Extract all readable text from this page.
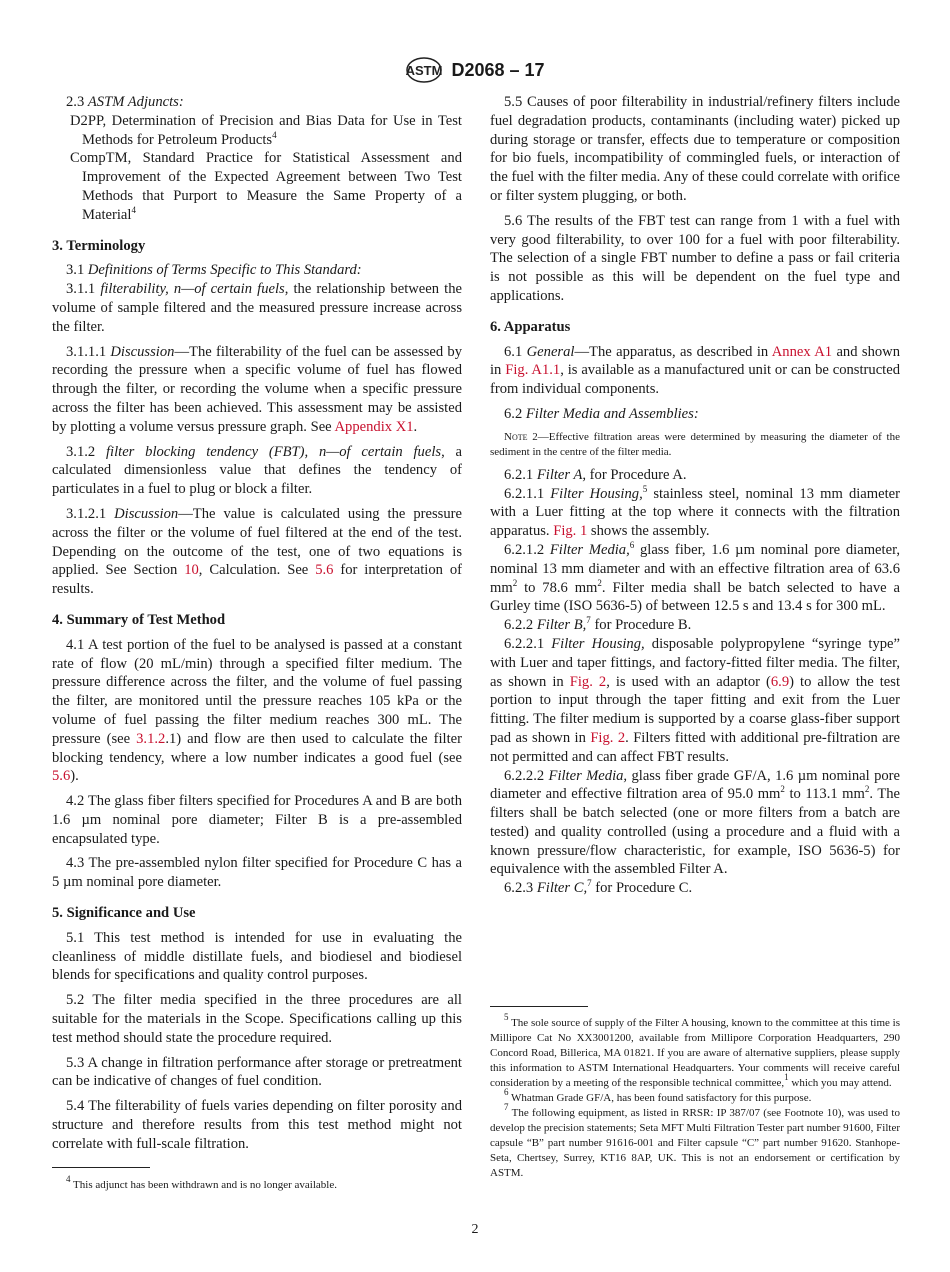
ASTM D2068 – 17

2.3 ASTM Adjuncts:

D2PP, Determination of Precision and Bias Data for Use in Test Methods for Petroleum Products$^4$

CompTM, Standard Practice for Statistical Assessment and Improvement of the Expected Agreement between Two Test Methods that Purport to Measure the Same Property of a Material$^4$

3. Terminology

3.1 Definitions of Terms Specific to This Standard:

3.1.1 filterability, n—of certain fuels, the relationship between the volume of sample filtered and the measured pressure increase across the filter.

3.1.1.1 Discussion—The filterability of the fuel can be assessed by recording the pressure when a specific volume of fuel has flowed through the filter, or recording the volume when a specific pressure across the filter has been achieved. This assessment may be assisted by plotting a volume versus pressure graph. See Appendix X1.

3.1.2 filter blocking tendency (FBT), n—of certain fuels, a calculated dimensionless value that defines the tendency of particulates in a fuel to plug or block a filter.

3.1.2.1 Discussion—The value is calculated using the pressure across the filter or the volume of fuel filtered at the end of the test. Depending on the outcome of the test, one of two equations is applied. See Section 10, Calculation. See 5.6 for interpretation of results.

4. Summary of Test Method

4.1 A test portion of the fuel to be analysed is passed at a constant rate of flow (20 mL/min) through a specified filter medium. The pressure difference across the filter, and the volume of fuel passing the filter, are monitored until the pressure reaches 105 kPa or the volume of fuel passing the filter medium reaches 300 mL. The pressure (see 3.1.2.1) and flow are then used to calculate the filter blocking tendency, where a low number indicates a good fuel (see 5.6).

4.2 The glass fiber filters specified for Procedures A and B are both 1.6 µm nominal pore diameter; Filter B is a pre-assembled encapsulated type.

4.3 The pre-assembled nylon filter specified for Procedure C has a 5 µm nominal pore diameter.

5. Significance and Use

5.1 This test method is intended for use in evaluating the cleanliness of middle distillate fuels, and biodiesel and biodiesel blends for specifications and quality control purposes.

5.2 The filter media specified in the three procedures are all suitable for the materials in the Scope. Specifications calling up this test method should state the procedure required.

5.3 A change in filtration performance after storage or pretreatment can be indicative of changes of fuel condition.

5.4 The filterability of fuels varies depending on filter porosity and structure and therefore results from this test method might not correlate with full-scale filtration.

5.5 Causes of poor filterability in industrial/refinery filters include fuel degradation products, contaminants (including water) picked up during storage or transfer, effects due to temperature or composition for bio fuels, incompatibility of commingled fuels, or interaction of the fuel with the filter media. Any of these could correlate with orifice or filter system plugging, or both.

5.6 The results of the FBT test can range from 1 with a fuel with very good filterability, to over 100 for a fuel with poor filterability. The selection of a single FBT number to define a pass or fail criteria is not possible as this will be dependent on the fuel type and applications.

6. Apparatus

6.1 General—The apparatus, as described in Annex A1 and shown in Fig. A1.1, is available as a manufactured unit or can be constructed from individual components.

6.2 Filter Media and Assemblies:

Note 2—Effective filtration areas were determined by measuring the diameter of the sediment in the centre of the filter media.

6.2.1 Filter A, for Procedure A.

6.2.1.1 Filter Housing,$^5$ stainless steel, nominal 13 mm diameter with a Luer fitting at the top where it connects with the filtration apparatus. Fig. 1 shows the assembly.

6.2.1.2 Filter Media,$^6$ glass fiber, 1.6 µm nominal pore diameter, nominal 13 mm diameter and with an effective filtration area of 63.6 $mm^2$ to 78.6 $mm^2$. Filter media shall be batch selected to have a Gurley time (ISO 5636-5) of between 12.5 s and 13.4 s for 300 mL.

6.2.2 Filter B,$^7$ for Procedure B.

6.2.2.1 Filter Housing, disposable polypropylene “syringe type” with Luer and taper fittings, and factory-fitted filter media. The filter, as shown in Fig. 2, is used with an adaptor (6.9) to allow the test portion to input through the taper fitting and exit from the Luer fitting. The filter medium is supported by a coarse glass-fiber support pad as shown in Fig. 2. Filters fitted with additional pre-filtration are not permitted and can affect FBT results.

6.2.2.2 Filter Media, glass fiber grade GF/A, 1.6 µm nominal pore diameter and effective filtration area of 95.0 $mm^2$ to 113.1 $mm^2$. The filters shall be batch selected (one or more filters from a batch are tested) and quality controlled (using a procedure and a fluid with a known pressure/flow characteristic, for example, ISO 5636-5) for equivalence with the assembled Filter A.

6.2.3 Filter C,$^7$ for Procedure C.

$^4$ This adjunct has been withdrawn and is no longer available.

$^5$ The sole source of supply of the Filter A housing, known to the committee at this time is Millipore Cat No XX3001200, available from Millipore Corporation Headquarters, 290 Concord Road, Billerica, MA 01821. If you are aware of alternative suppliers, please supply this information to ASTM International Headquarters. Your comments will receive careful consideration by a meeting of the responsible technical committee,$^1$ which you may attend.

$^6$ Whatman Grade GF/A, has been found satisfactory for this purpose.

$^7$ The following equipment, as listed in RRSR: IP 387/07 (see Footnote 10), was used to develop the precision statements; Seta MFT Multi Filtration Tester part number 91600, Filter capsule “B” part number 91616-001 and Filter capsule “C” part number 91620. Stanhope-Seta, Chertsey, Surrey, KT16 8AP, UK. This is not an endorsement or certification by ASTM.

2
